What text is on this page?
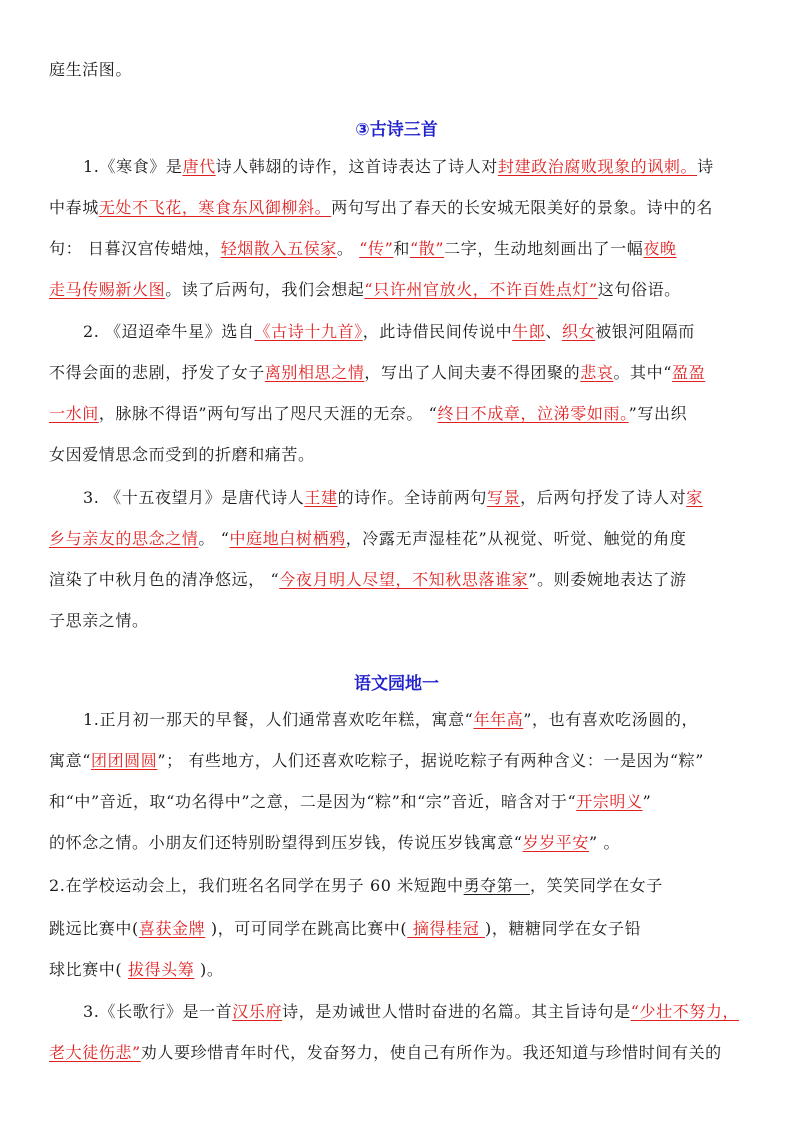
庭生活图。
③古诗三首
1.《寒食》是唐代诗人韩翃的诗作，这首诗表达了诗人对封建政治腐败现象的讽刺。诗
中春城无处不飞花，寒食东风御柳斜。两句写出了春天的长安城无限美好的景象。诗中的名
句： 日暮汉宫传蜡烛，轻烟散入五侯家。 “传”和“散”二字，生动地刻画出了一幅夜晚
走马传赐新火图。读了后两句，我们会想起“只许州官放火，不许百姓点灯”这句俗语。
2. 《迢迢牵牛星》选自《古诗十九首》，此诗借民间传说中牛郎、织女被银河阻隔而
不得会面的悲剧，抒发了女子离别相思之情，写出了人间夫妻不得团聚的悲哀。其中“盈盈
一水间，脉脉不得语”两句写出了咫尺天涯的无奈。 “终日不成章，泣涕零如雨。”写出织
女因爱情思念而受到的折磨和痛苦。
3. 《十五夜望月》是唐代诗人王建的诗作。全诗前两句写景，后两句抒发了诗人对家
乡与亲友的思念之情。 “中庭地白树栖鸦，冷露无声湿桂花”从视觉、听觉、触觉的角度
渲染了中秋月色的清净悠远， “今夜月明人尽望，不知秋思落谁家”。则委婉地表达了游
子思亲之情。
语文园地一
1.正月初一那天的早餐，人们通常喜欢吃年糕，寓意“年年高”，也有喜欢吃汤圆的，
寓意“团团圆圆”； 有些地方，人们还喜欢吃粽子，据说吃粽子有两种含义：一是因为“粽”
和“中”音近，取“功名得中”之意，二是因为“粽”和“宗”音近，暗含对于“开宗明义”
的怀念之情。小朋友们还特别盼望得到压岁钱，传说压岁钱寓意“岁岁平安” 。
2.在学校运动会上，我们班名名同学在男子 60 米短跑中勇夺第一，笑笑同学在女子
跳远比赛中(喜获金牌 )，可可同学在跳高比赛中( 摘得桂冠 )，糖糖同学在女子铅
球比赛中( 拔得头筹 )。
3.《长歌行》是一首汉乐府诗，是劝诫世人惜时奋进的名篇。其主旨诗句是“少壮不努力，
老大徒伤悲”劝人要珍惜青年时代，发奋努力，使自己有所作为。我还知道与珍惜时间有关的
